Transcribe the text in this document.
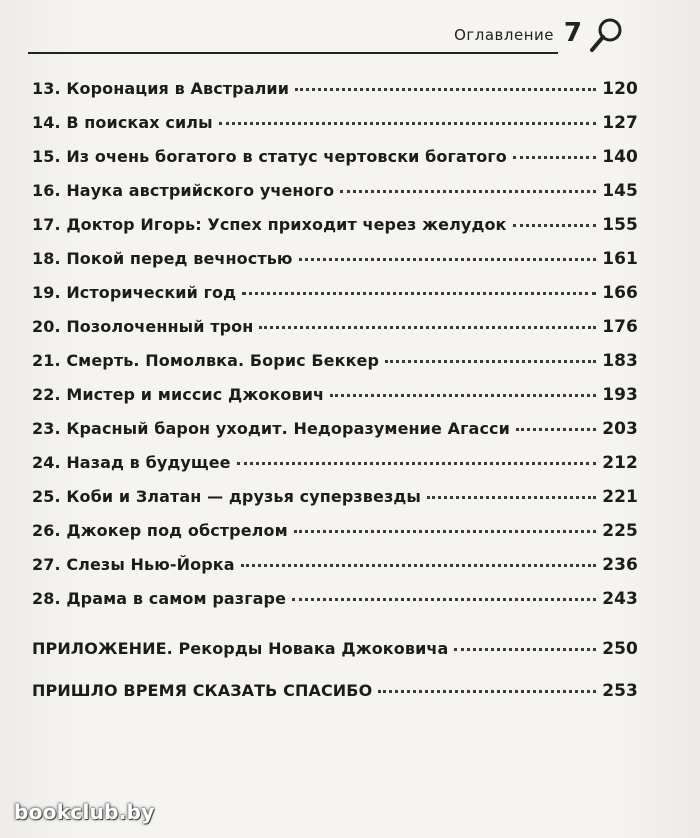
Оглавление 7
13. Коронация в Австралии	120
14. В поисках силы	127
15. Из очень богатого в статус чертовски богатого	140
16. Наука австрийского ученого	145
17. Доктор Игорь: Успех приходит через желудок	155
18. Покой перед вечностью	161
19. Исторический год	166
20. Позолоченный трон	176
21. Смерть. Помолвка. Борис Беккер	183
22. Мистер и миссис Джокович	193
23. Красный барон уходит. Недоразумение Агасси	203
24. Назад в будущее	212
25. Коби и Златан — друзья суперзвезды	221
26. Джокер под обстрелом	225
27. Слезы Нью-Йорка	236
28. Драма в самом разгаре	243
ПРИЛОЖЕНИЕ. Рекорды Новака Джоковича	250
ПРИШЛО ВРЕМЯ СКАЗАТЬ СПАСИБО	253
bookclub.by
